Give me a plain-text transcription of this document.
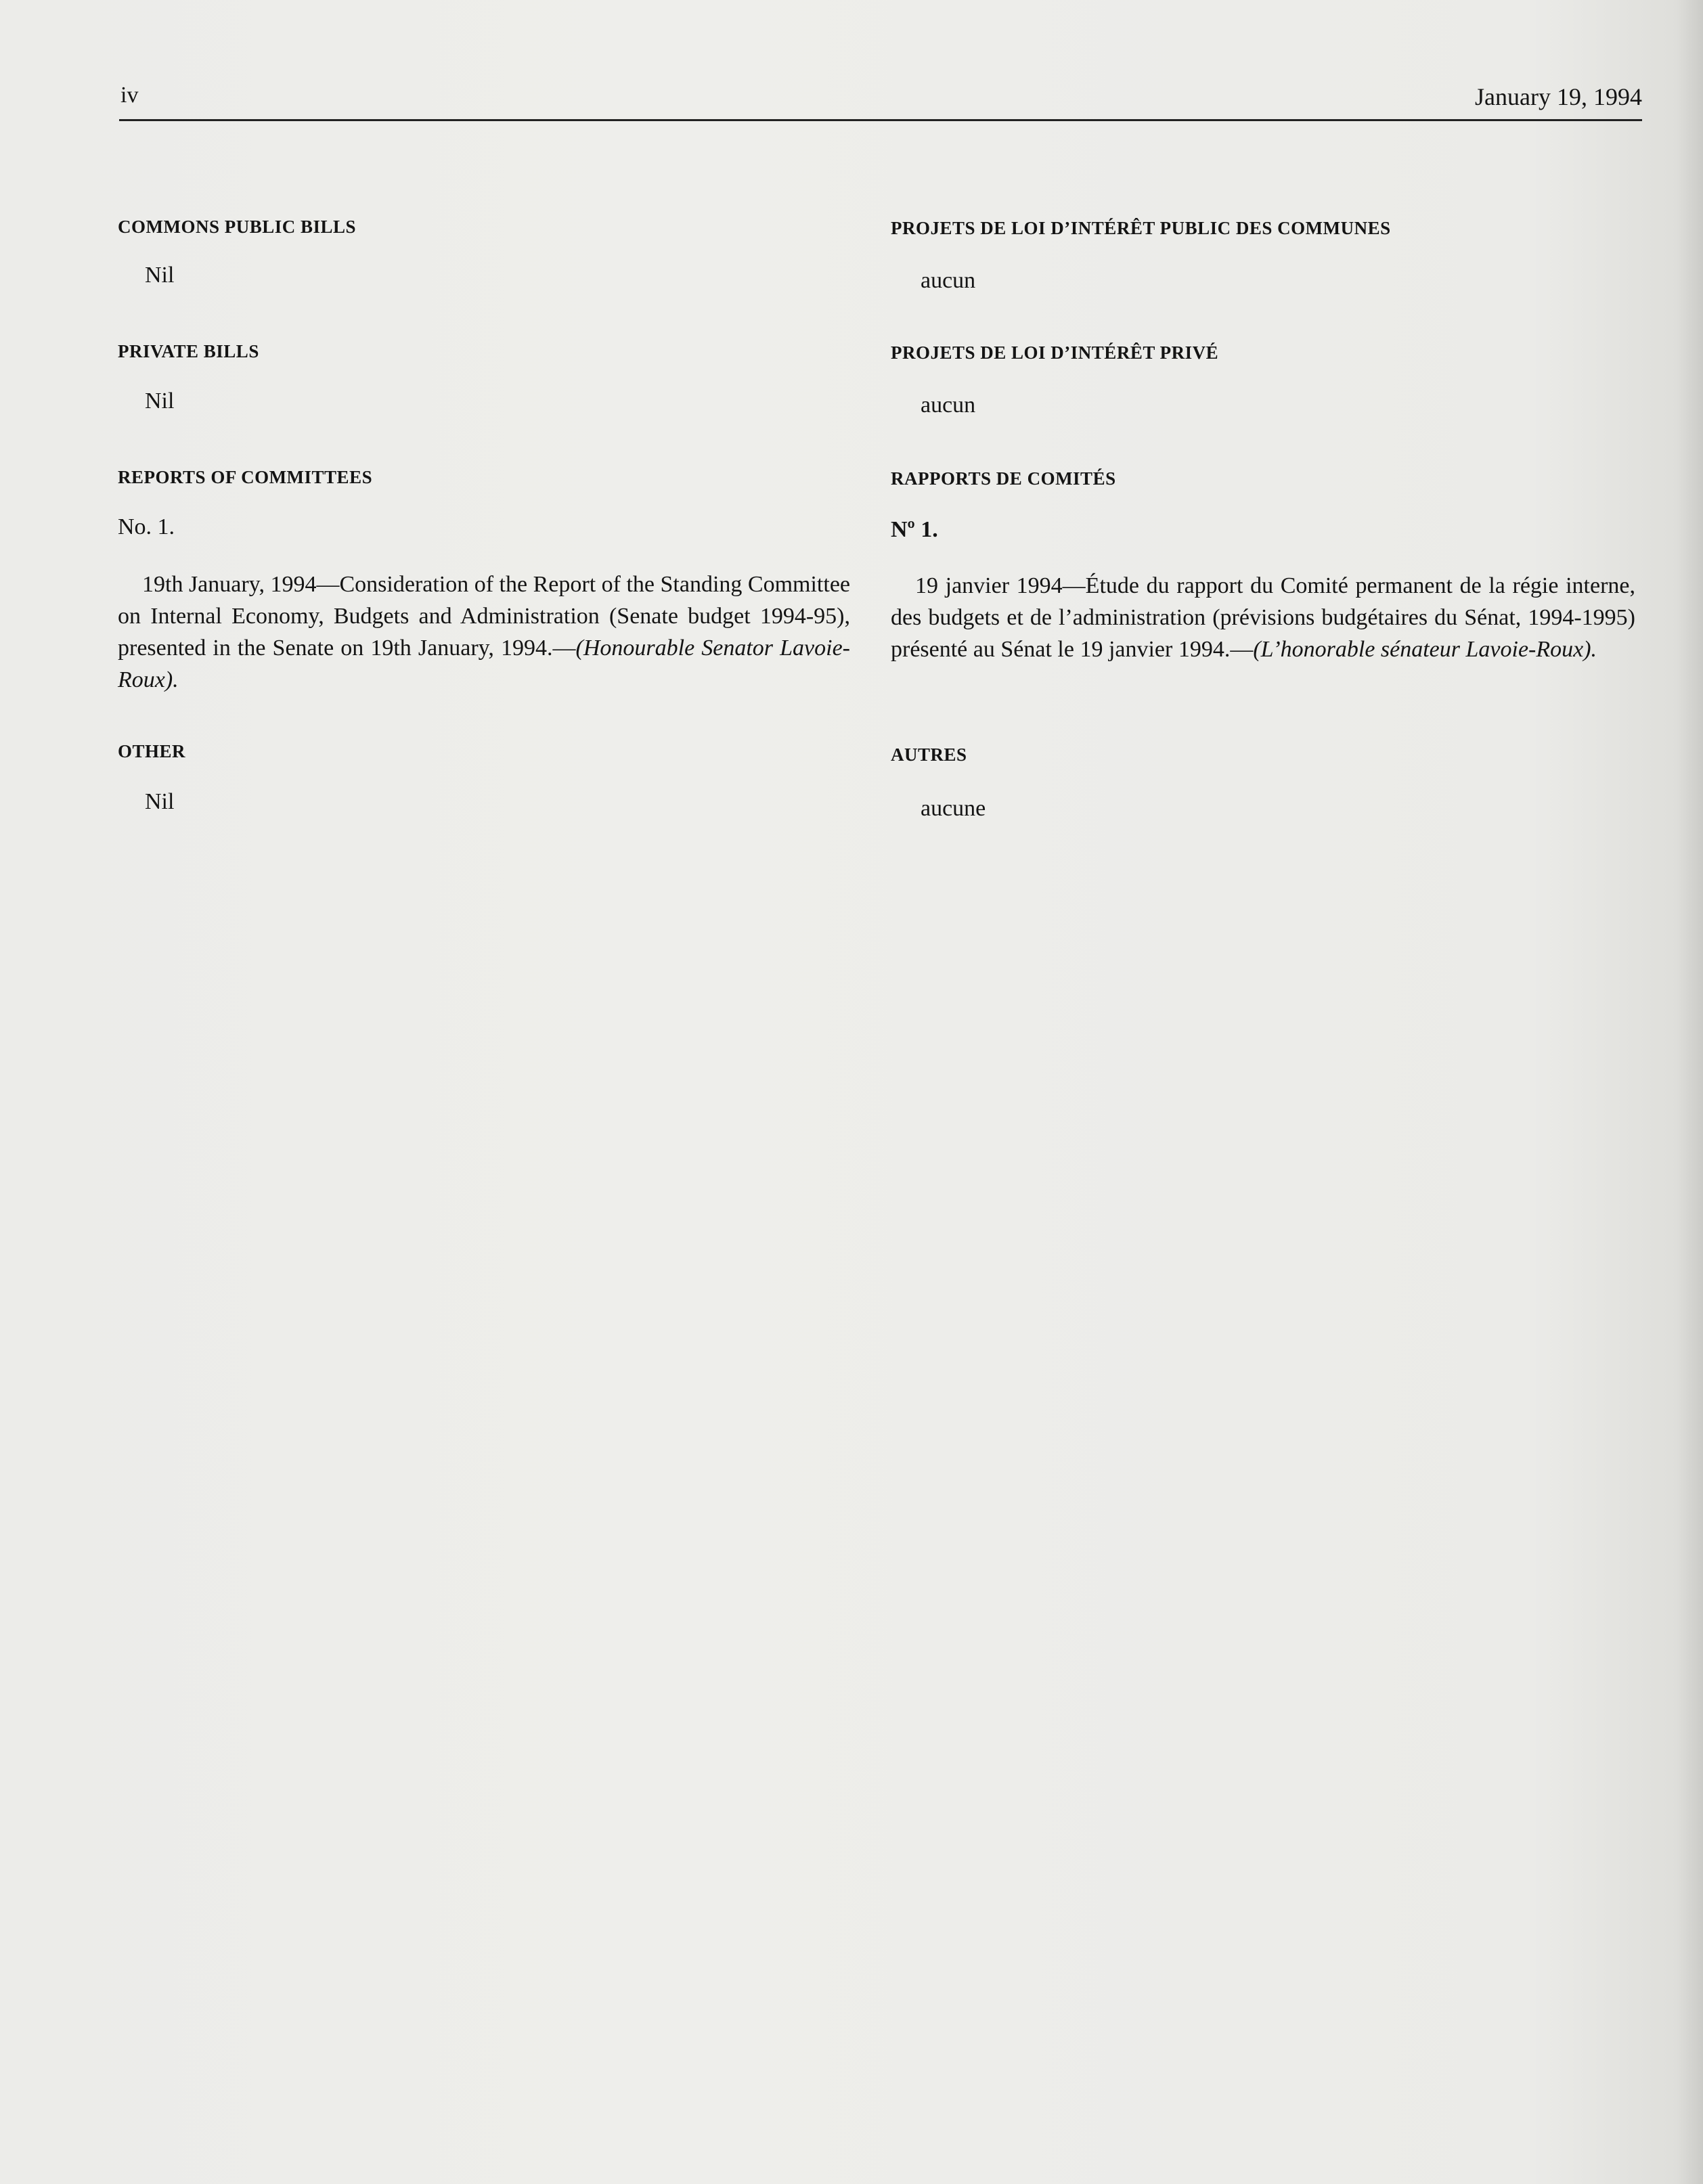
iv	January 19, 1994
COMMONS PUBLIC BILLS
Nil
PRIVATE BILLS
Nil
REPORTS OF COMMITTEES
No. 1.
19th January, 1994—Consideration of the Report of the Standing Committee on Internal Economy, Budgets and Administration (Senate budget 1994-95), presented in the Senate on 19th January, 1994.—(Honourable Senator Lavoie-Roux).
OTHER
Nil
PROJETS DE LOI D’INTÉRÊT PUBLIC DES COMMUNES
aucun
PROJETS DE LOI D’INTÉRÊT PRIVÉ
aucun
RAPPORTS DE COMITÉS
Nº 1.
19 janvier 1994—Étude du rapport du Comité permanent de la régie interne, des budgets et de l’administration (prévisions budgétaires du Sénat, 1994-1995) présenté au Sénat le 19 janvier 1994.—(L’honorable sénateur Lavoie-Roux).
AUTRES
aucune
